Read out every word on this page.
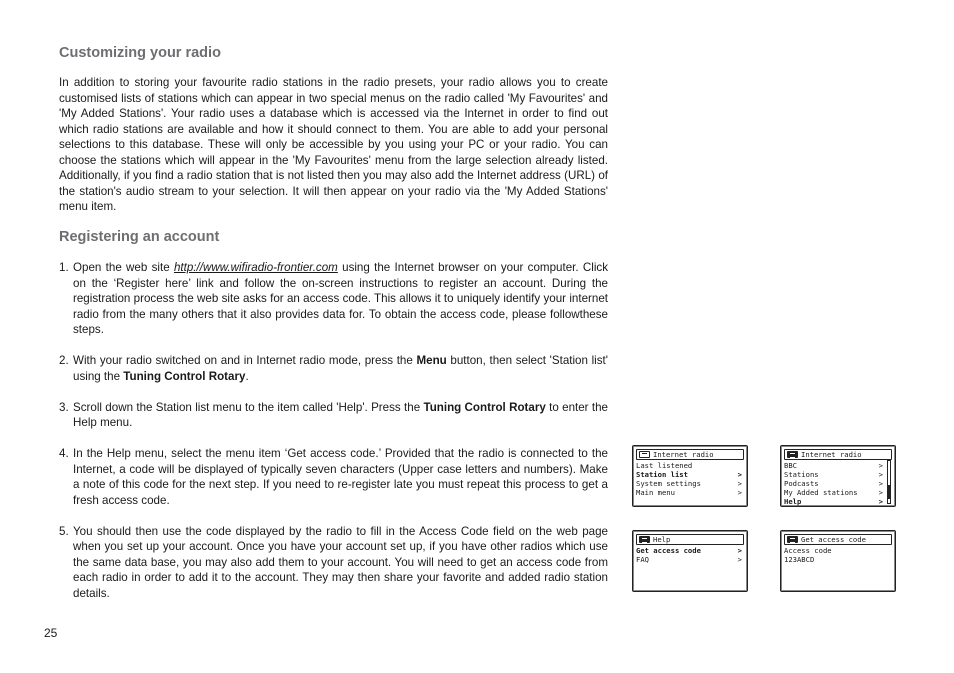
Customizing your radio

In addition to storing your favourite radio stations in the radio presets, your radio allows you to create customised lists of stations which can appear in two special menus on the radio called 'My Favourites' and 'My Added Stations'. Your radio uses a database which is accessed via the Internet in order to find out which radio stations are available and how it should connect to them. You are able to add your personal selections to this database. These will only be accessible by you using your PC or your radio. You can choose the stations which will appear in the 'My Favourites' menu from the large selection already listed. Additionally, if you find a radio station that is not listed then you may also add the Internet address (URL) of the station's audio stream to your selection. It will then appear on your radio via the 'My Added Stations' menu item.

Registering an account
1. Open the web site http://www.wifiradio-frontier.com using the Internet browser on your computer. Click on the ‘Register here’ link and follow the on-screen instructions to register an account. During the registration process the web site asks for an access code. This allows it to uniquely identify your internet radio from the many others that it also provides data for. To obtain the access code, please followthese steps.
2. With your radio switched on and in Internet radio mode, press the Menu button, then select 'Station list' using the Tuning Control Rotary.
3. Scroll down the Station list menu to the item called 'Help'. Press the Tuning Control Rotary to enter the Help menu.
4. In the Help menu, select the menu item ‘Get access code.’ Provided that the radio is connected to the Internet, a code will be displayed of typically seven characters (Upper case letters and numbers). Make a note of this code for the next step. If you need to re-register late you must repeat this process to get a fresh access code.
5. You should then use the code displayed by the radio to fill in the Access Code field on the web page when you set up your account. Once you have your account set up, if you have other radios which use the same data base, you may also add them to your account. You will need to get an access code from each radio in order to add it to the account. They may then share your favorite and added radio station details.
25
Internet radio
Last listened
Station list	>
System settings	>
Main menu	>
Internet radio
BBC	>
Stations	>
Podcasts	>
My Added stations	>
Help	>
Help
Get access code	>
FAQ	>
Get access code
Access code
123ABCD
